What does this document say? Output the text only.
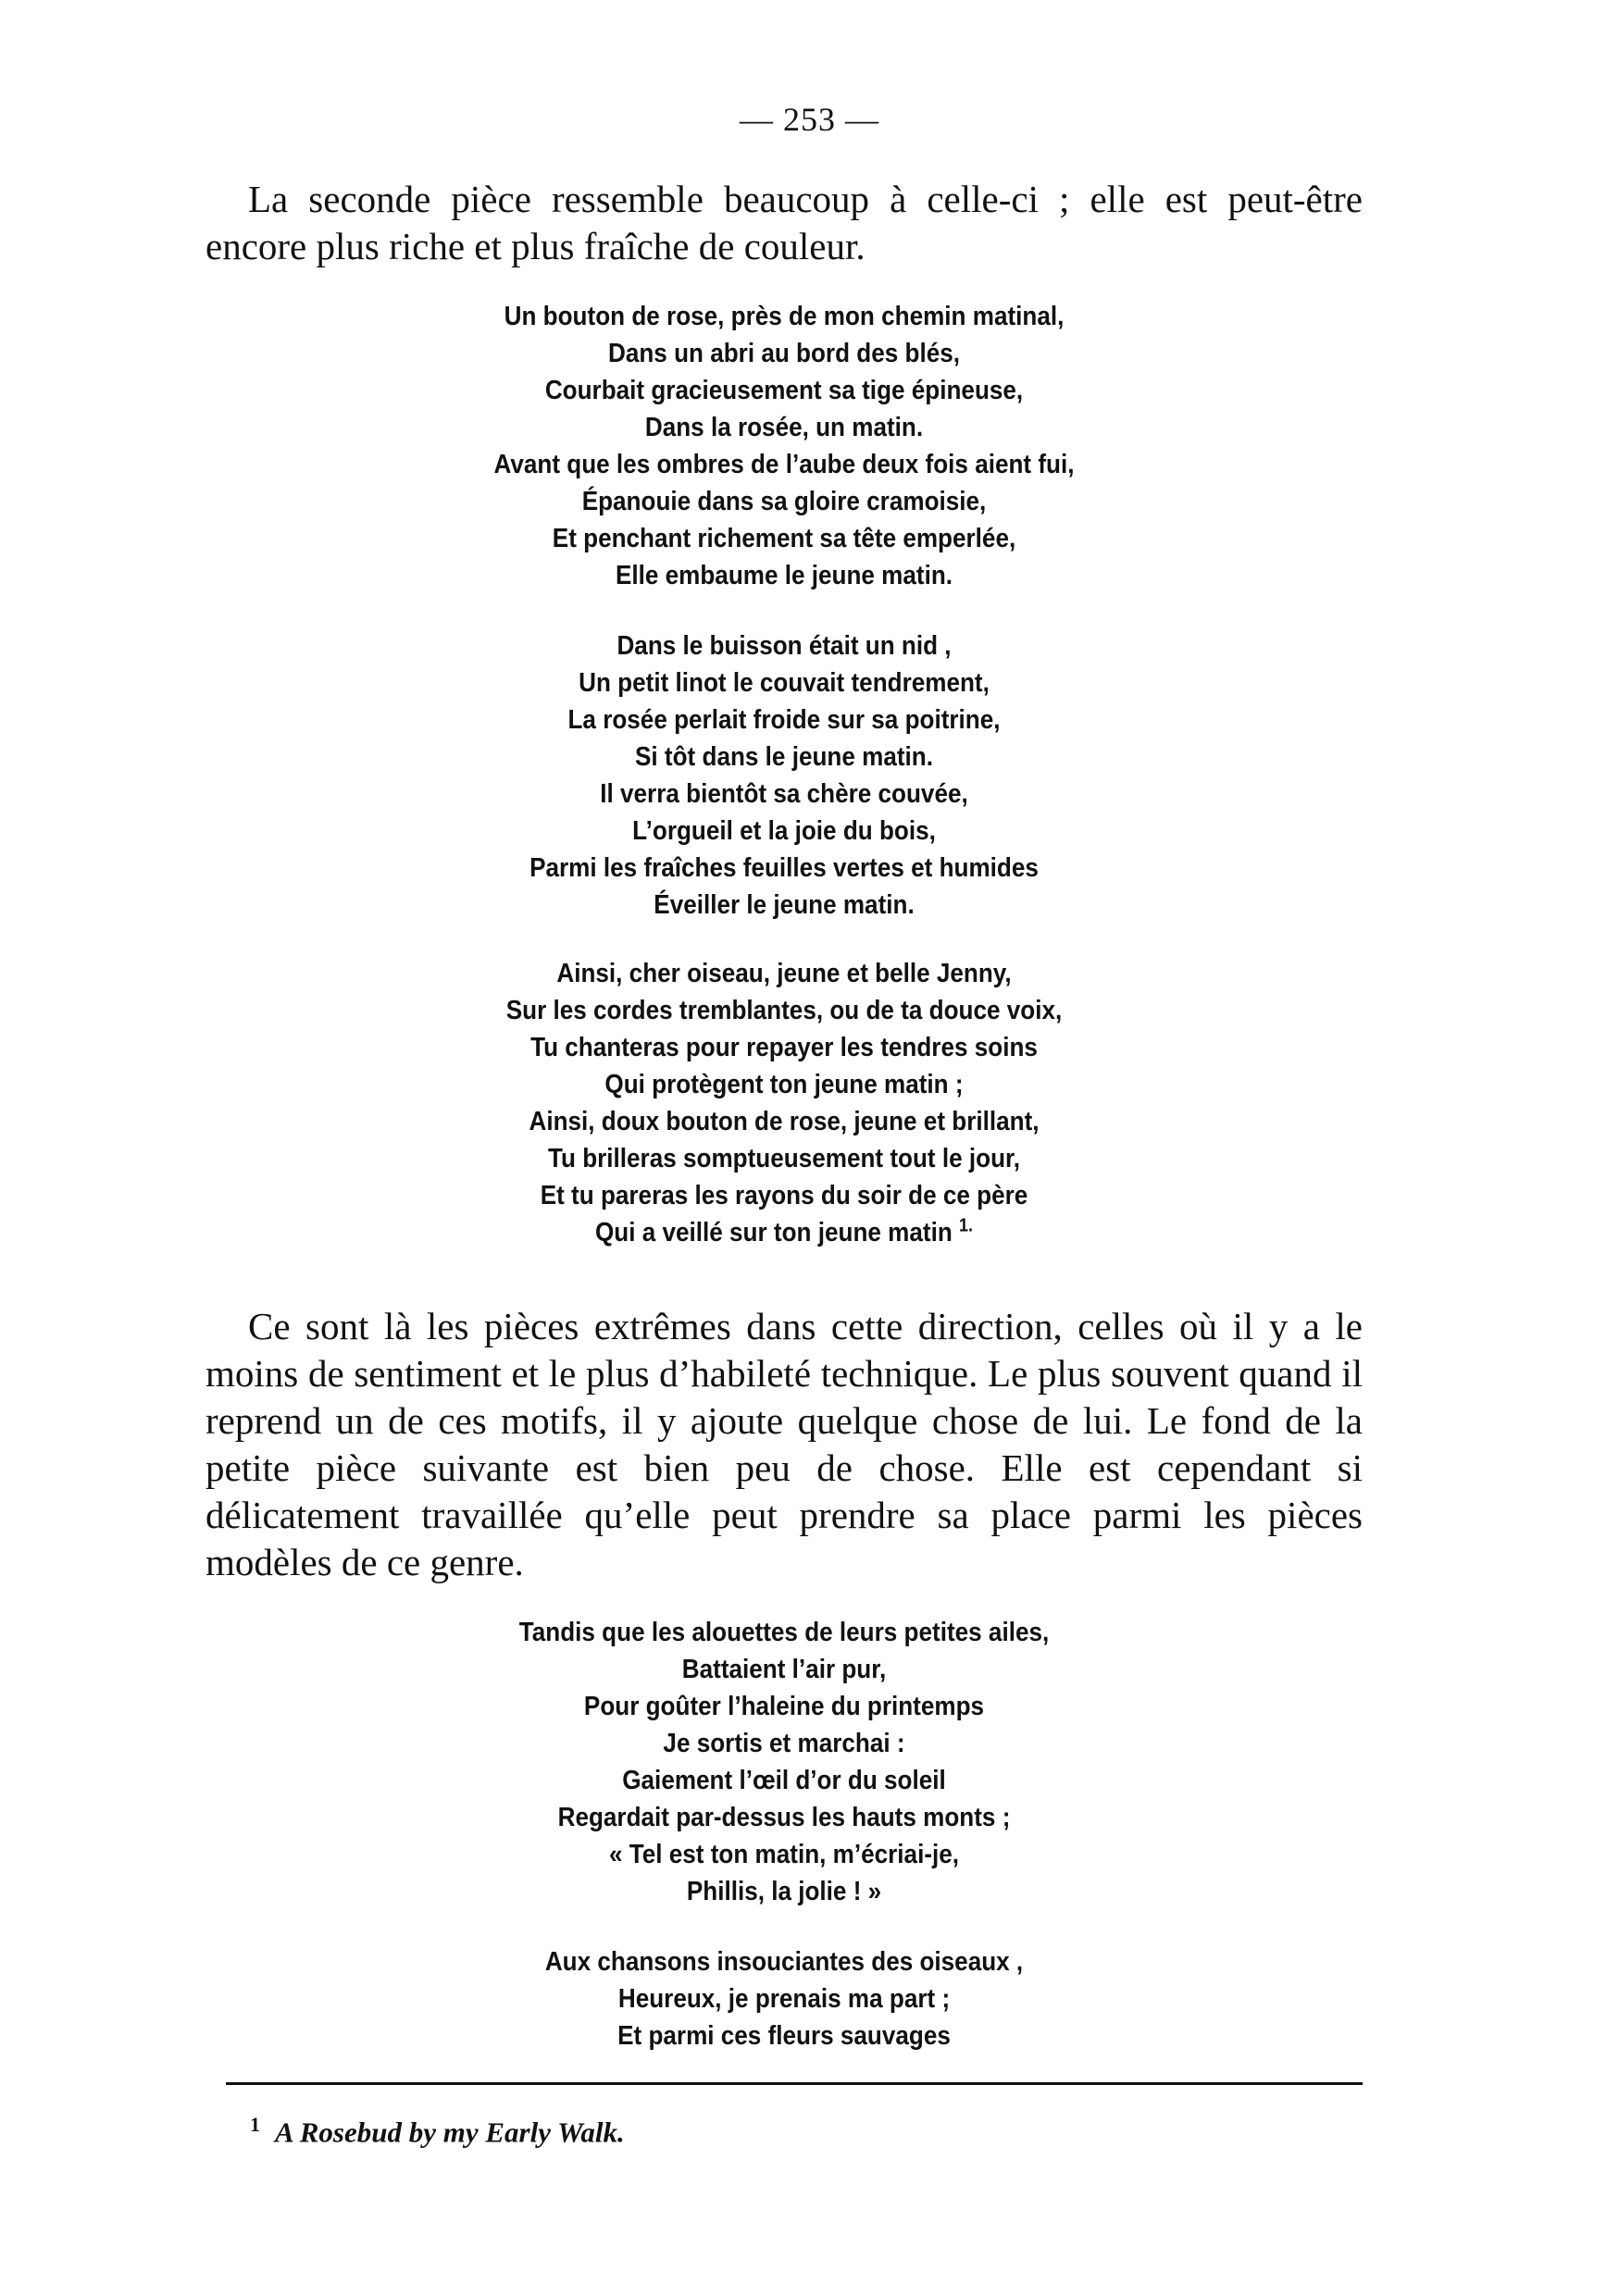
— 253 —

La seconde pièce ressemble beaucoup à celle-ci ; elle est peut-être encore plus riche et plus fraîche de couleur.

Un bouton de rose, près de mon chemin matinal,
Dans un abri au bord des blés,
Courbait gracieusement sa tige épineuse,
Dans la rosée, un matin.
Avant que les ombres de l’aube deux fois aient fui,
Épanouie dans sa gloire cramoisie,
Et penchant richement sa tête emperlée,
Elle embaume le jeune matin.
Dans le buisson était un nid ,
Un petit linot le couvait tendrement,
La rosée perlait froide sur sa poitrine,
Si tôt dans le jeune matin.
Il verra bientôt sa chère couvée,
L’orgueil et la joie du bois,
Parmi les fraîches feuilles vertes et humides
Éveiller le jeune matin.
Ainsi, cher oiseau, jeune et belle Jenny,
Sur les cordes tremblantes, ou de ta douce voix,
Tu chanteras pour repayer les tendres soins
Qui protègent ton jeune matin ;
Ainsi, doux bouton de rose, jeune et brillant,
Tu brilleras somptueusement tout le jour,
Et tu pareras les rayons du soir de ce père
Qui a veillé sur ton jeune matin $^{1.}$

Ce sont là les pièces extrêmes dans cette direction, celles où il y a le moins de sentiment et le plus d’habileté technique. Le plus souvent quand il reprend un de ces motifs, il y ajoute quelque chose de lui. Le fond de la petite pièce suivante est bien peu de chose. Elle est cependant si délicatement travaillée qu’elle peut prendre sa place parmi les pièces modèles de ce genre.

Tandis que les alouettes de leurs petites ailes,
Battaient l’air pur,
Pour goûter l’haleine du printemps
Je sortis et marchai :
Gaiement l’œil d’or du soleil
Regardait par-dessus les hauts monts ;
« Tel est ton matin, m’écriai-je,
Phillis, la jolie ! »
Aux chansons insouciantes des oiseaux ,
Heureux, je prenais ma part ;
Et parmi ces fleurs sauvages
$^1$ A Rosebud by my Early Walk.
